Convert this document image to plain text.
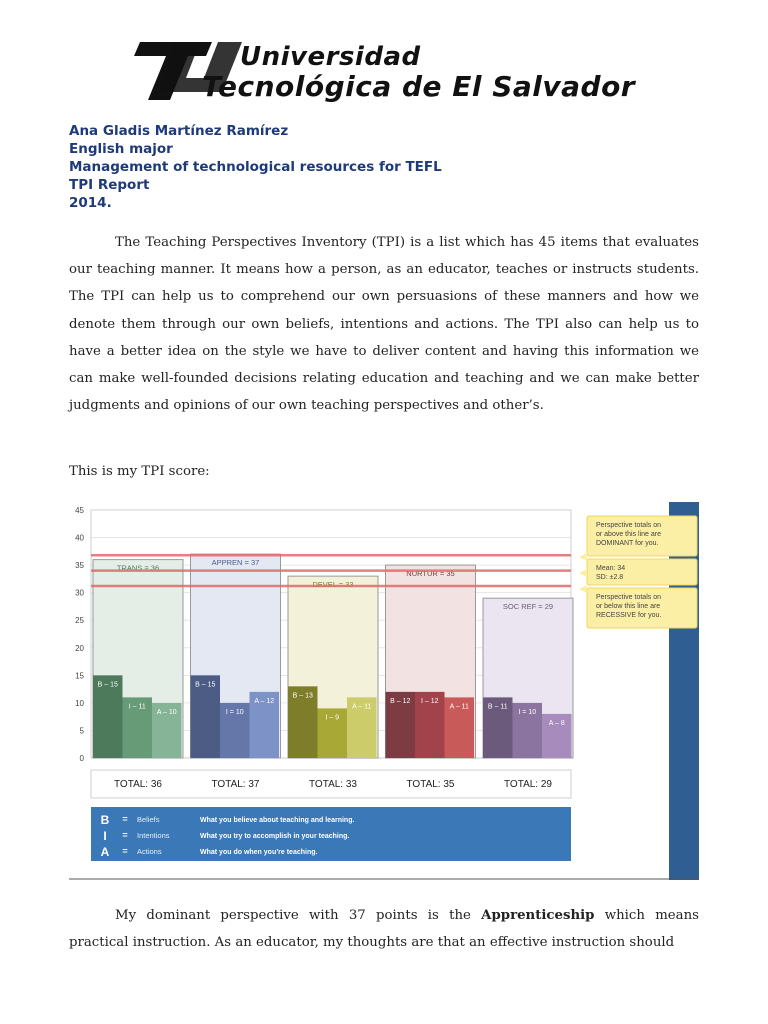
Universidad
Tecnológica de El Salvador
Ana Gladis Martínez Ramírez
English major
Management of technological resources for TEFL
TPI Report
2014.

The Teaching Perspectives Inventory (TPI) is a list which has 45 items that evaluates our teaching manner. It means how a person, as an educator, teaches or instructs students. The TPI can help us to comprehend our own persuasions of these manners and how we denote them through our own beliefs, intentions and actions. The TPI also can help us to have a better idea on the style we have to deliver content and having this information we can make well-founded decisions relating education and teaching and we can make better judgments and opinions of our own teaching perspectives and other’s.

This is my TPI score:
0
5
10
15
20
25
30
35
40
45
TRANS = 36
B – 15
I – 11
A – 10
TOTAL: 36
APPREN = 37
B – 15
I = 10
A – 12
TOTAL: 37
DEVEL = 33
B – 13
I – 9
A – 11
TOTAL: 33
NURTUR = 35
B – 12 I – 12
A – 11
TOTAL: 35
SOC REF = 29
B – 11
I = 10
A – 8
TOTAL: 29
Perspective totals on
or above this line are
DOMINANT for you.
Mean: 34
SD: ±2.8
Perspective totals on
or below this line are
RECESSIVE for you.
B = Beliefs	What you believe about teaching and learning.
I = Intentions	What you try to accomplish in your teaching.
A = Actions	What you do when you’re teaching.

My dominant perspective with 37 points is the Apprenticeship which means practical instruction. As an educator, my thoughts are that an effective instruction should
